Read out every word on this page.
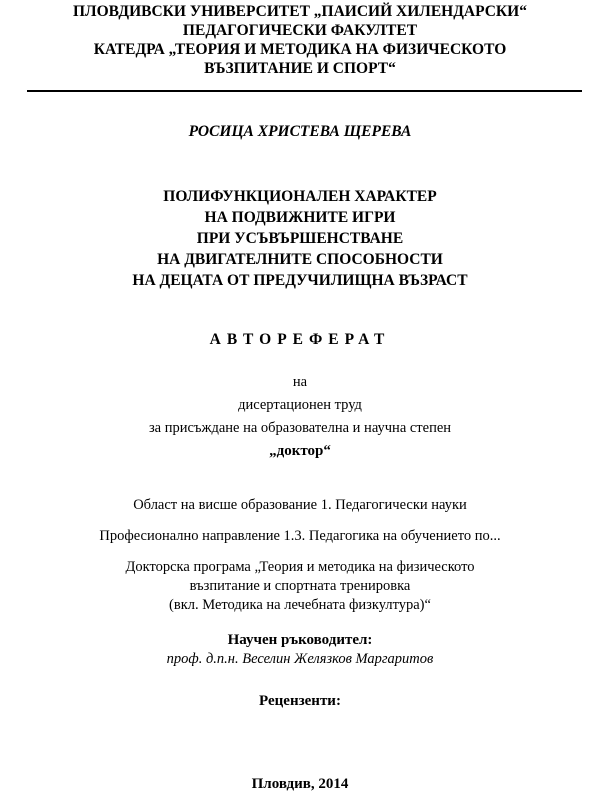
ПЛОВДИВСКИ УНИВЕРСИТЕТ „ПАИСИЙ ХИЛЕНДАРСКИ“
ПЕДАГОГИЧЕСКИ ФАКУЛТЕТ
КАТЕДРА „ТЕОРИЯ И МЕТОДИКА НА ФИЗИЧЕСКОТО
ВЪЗПИТАНИЕ И СПОРТ“
РОСИЦА ХРИСТЕВА ЩЕРЕВА
ПОЛИФУНКЦИОНАЛЕН ХАРАКТЕР
НА ПОДВИЖНИТЕ ИГРИ
ПРИ УСЪВЪРШЕНСТВАНЕ
НА ДВИГАТЕЛНИТЕ СПОСОБНОСТИ
НА ДЕЦАТА ОТ ПРЕДУЧИЛИЩНА ВЪЗРАСТ
АВТОРЕФЕРАТ
на
дисертационен труд
за присъждане на образователна и научна степен
„доктор“
Област на висше образование 1. Педагогически науки
Професионално направление 1.3. Педагогика на обучението по...
Докторска програма „Теория и методика на физическото
възпитание и спортната тренировка
(вкл. Методика на лечебната физкултура)“
Научен ръководител:
проф. д.п.н. Веселин Желязков Маргаритов
Рецензенти:
Пловдив, 2014
